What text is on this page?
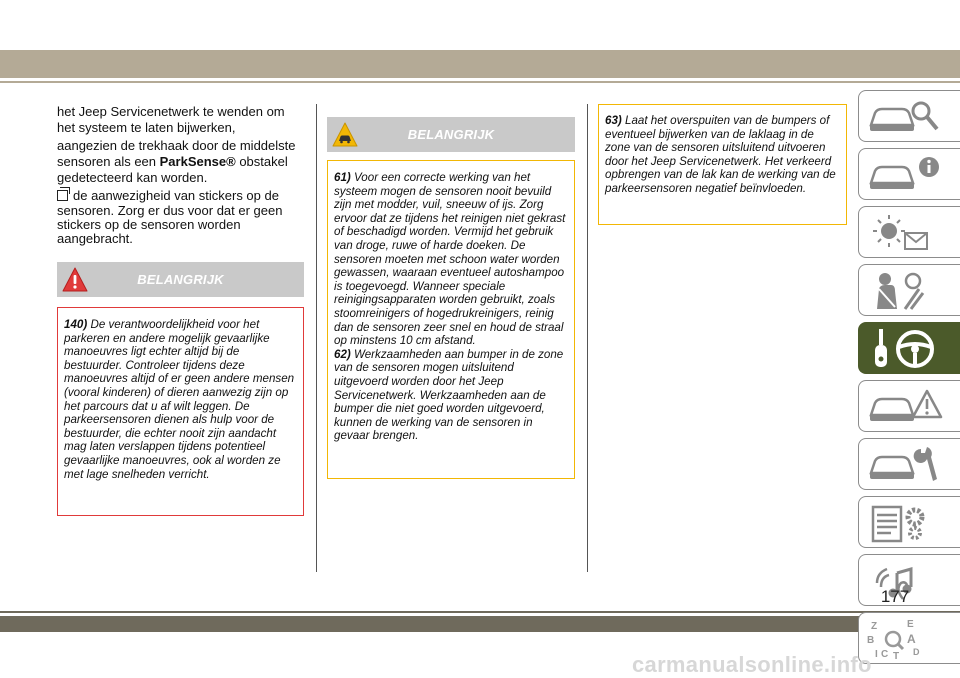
het Jeep Servicenetwerk te wenden om

het systeem te laten bijwerken,

aangezien de trekhaak door de middelste

sensoren als een ParkSense® obstakel

gedetecteerd kan worden.

de aanwezigheid van stickers op de

sensoren. Zorg er dus voor dat er geen

stickers op de sensoren worden

aangebracht.

BELANGRIJK

140) De verantwoordelijkheid voor het parkeren en andere mogelijk gevaarlijke manoeuvres ligt echter altijd bij de bestuurder. Controleer tijdens deze manoeuvres altijd of er geen andere mensen (vooral kinderen) of dieren aanwezig zijn op het parcours dat u af wilt leggen. De parkeersensoren dienen als hulp voor de bestuurder, die echter nooit zijn aandacht mag laten verslappen tijdens potentieel gevaarlijke manoeuvres, ook al worden ze met lage snelheden verricht.

BELANGRIJK

61) Voor een correcte werking van het systeem mogen de sensoren nooit bevuild zijn met modder, vuil, sneeuw of ijs. Zorg ervoor dat ze tijdens het reinigen niet gekrast of beschadigd worden. Vermijd het gebruik van droge, ruwe of harde doeken. De sensoren moeten met schoon water worden gewassen, waaraan eventueel autoshampoo is toegevoegd. Wanneer speciale reinigingsapparaten worden gebruikt, zoals stoomreinigers of hogedrukreinigers, reinig dan de sensoren zeer snel en houd de straal op minstens 10 cm afstand.

62) Werkzaamheden aan bumper in de zone van de sensoren mogen uitsluitend uitgevoerd worden door het Jeep Servicenetwerk. Werkzaamheden aan de bumper die niet goed worden uitgevoerd, kunnen de werking van de sensoren in gevaar brengen.

63) Laat het overspuiten van de bumpers of eventueel bijwerken van de laklaag in de zone van de sensoren uitsluitend uitvoeren door het Jeep Servicenetwerk. Het verkeerd opbrengen van de lak kan de werking van de parkeersensoren negatief beïnvloeden.

Z	E
B	A
I C T D
177
carmanualsonline.info
